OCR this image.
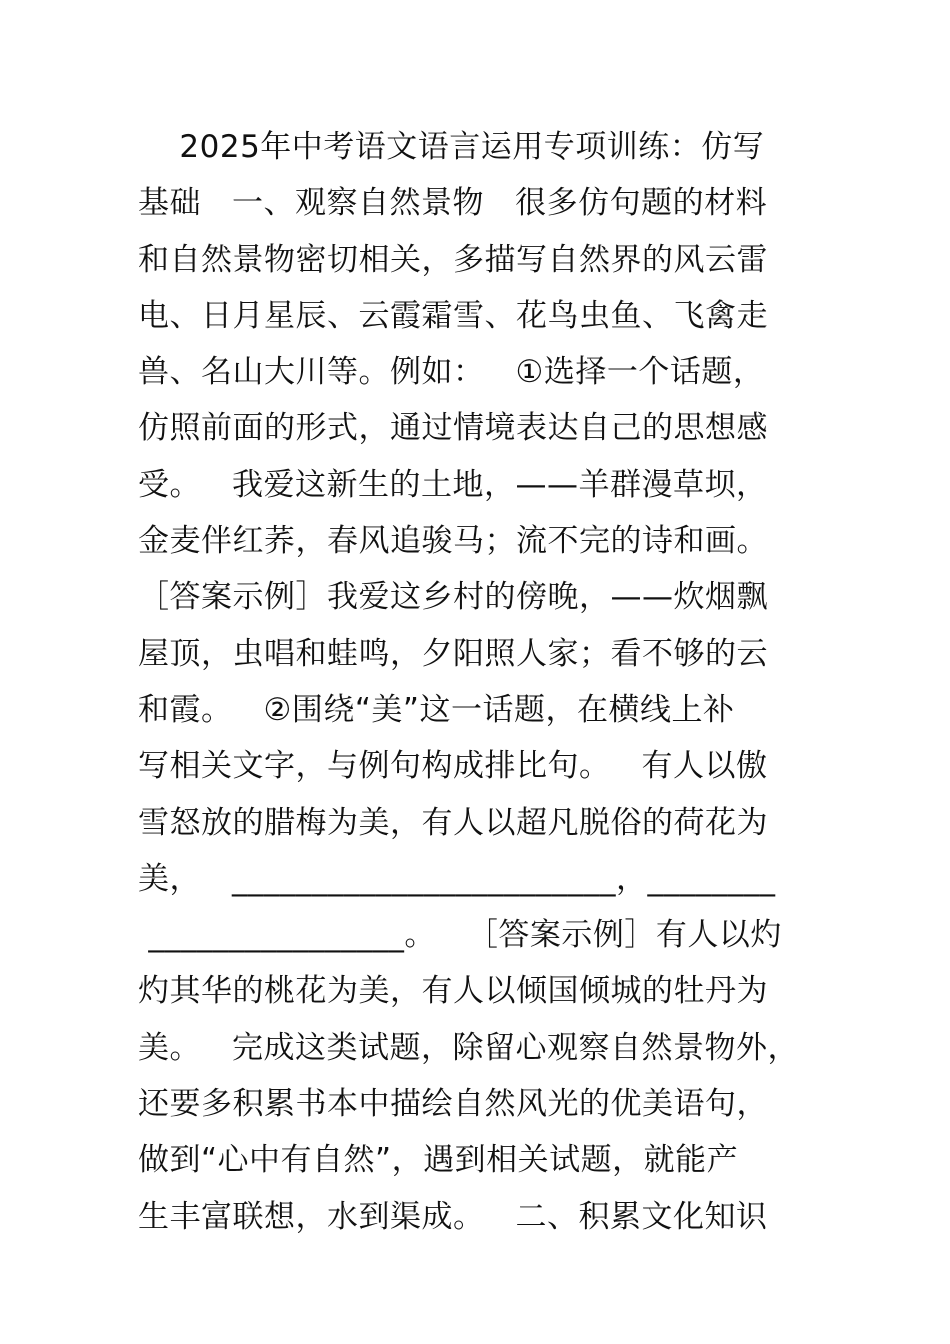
2025年中考语文语言运用专项训练：仿写
基础   一、观察自然景物   很多仿句题的材料
和自然景物密切相关，多描写自然界的风云雷
电、日月星辰、云霞霜雪、花鸟虫鱼、飞禽走
兽、名山大川等。例如：   ①选择一个话题，
仿照前面的形式，通过情境表达自己的思想感
受。   我爱这新生的土地，——羊群漫草坝，
金麦伴红荞，春风追骏马；流不完的诗和画。
［答案示例］我爱这乡村的傍晚，——炊烟飘
屋顶，虫唱和蛙鸣，夕阳照人家；看不够的云
和霞。   ②围绕“美”这一话题，在横线上补
写相关文字，与例句构成排比句。   有人以傲
雪怒放的腊梅为美，有人以超凡脱俗的荷花为
美，   ________________________，________
________________。   ［答案示例］有人以灼
灼其华的桃花为美，有人以倾国倾城的牡丹为
美。   完成这类试题，除留心观察自然景物外，
还要多积累书本中描绘自然风光的优美语句，
做到“心中有自然”，遇到相关试题，就能产
生丰富联想，水到渠成。   二、积累文化知识
